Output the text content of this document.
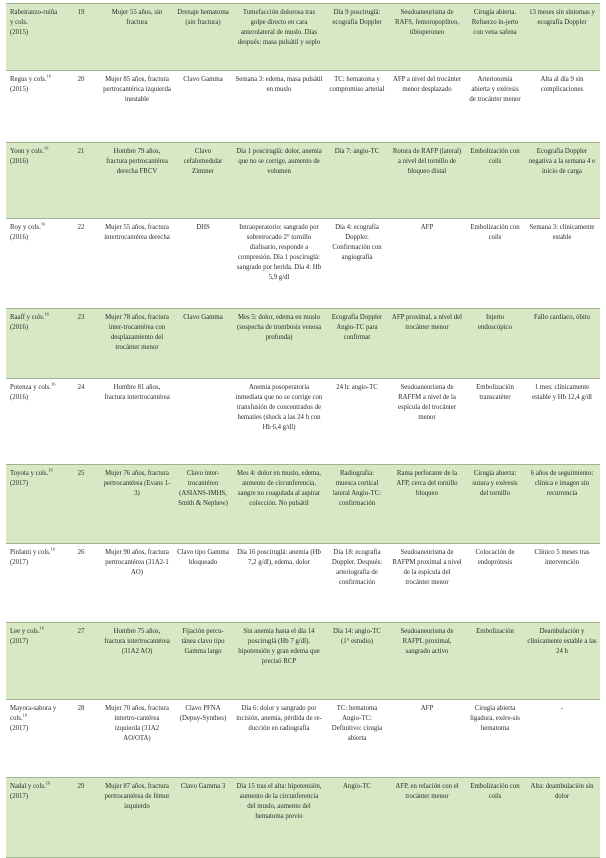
Rabeiranzo-ruiña y cols.
(2015)	19	Mujer 55 años, sin fractura	Drenaje hematoma (sin fractura)	Tumefacción dolorosa tras golpe directo en cara anterolateral de muslo. Días después: masa pulsátil y soplo	Día 9 posciruglá: ecografía Doppler	Seudoaneurisma de RAFS, femoropoplíteo, tibioperoneo	Cirugía abierta. Refuerzo in-jerto con vena safena	13 meses sin síntomas y ecografía Doppler
Regus y cols.$^{16}$
(2015)	20	Mujer 85 años, fractura pertrocantérica izquierda inestable	Clavo Gamma	Semana 3: edema, masa pulsátil en muslo	TC: hematoma y compromiso arterial	AFP a nivel del trocánter menor desplazado	Arteriotomía abierta y exéresis de trocánter menor	Alta al día 9 sin complicaciones
Yoon y cols.$^{16}$
(2016)	21	Hombre 79 años, fractura pertrocantérea derecha FRCV	Clavo cefalomedular Zimmer	Día 1 posciruglá: dolor, anemia que no se corrige, aumento de volumen	Día 7: angio-TC	Rotura de RAFP (lateral) a nivel del tornillo de bloqueo distal	Embolización con coils	Ecografía Doppler negativa a la semana 4 e inicio de carga
Roy y cols.$^{16}$
(2016)	22	Mujer 55 años, fractura intertrocantérea derecha	DHS	Intraoperatorio: sangrado por sobretrocado 2° tornillo diafisario, responde a compresión. Día 1 posciruglá: sangrado por herida. Día 4: Hb 5,9 g/dl	Día 4: ecografía Doppler. Confirmación con angiografía	AFP	Embolización con coils	Semana 3: clínicamente estable
Raaff y cols.$^{16}$
(2016)	23	Mujer 78 años, fractura inter-trocantérea con desplazamiento del trocánter menor	Clavo Gamma	Mes 5: dolor, edema en muslo (sospecha de trombosis venosa profunda)	Ecografía Doppler Angio-TC para confirmar	AFP proximal, a nivel del trocánter menor	Injerto endoscópico	Fallo cardíaco, óbito
Potenza y cols.$^{16}$
(2016)	24	Hombre 81 años, fractura intertrocantérea		Anemia posoperatoria inmediata que no se corrige con transfusión de concentrados de hematíes (shock a las 24 h con Hb 6,4 g/dl)	24 h: angio-TC	Seudoaneurisma de RAFFM a nivel de la espícula del trocánter menor	Embolización transcatéter	1 mes: clínicamente estable y Hb 12,4 g/dl
Toyota y cols.$^{16}$
(2017)	25	Mujer 76 años, fractura pertrocantérea (Evans 1-3)	Clavo inter-trocantéreo (ASIANS-IMHS, Smith & Nephew)	Mes 4: dolor en muslo, edema, aumento de circunferencia, sangre no coagulada al aspirar colección. No pulsátil	Radiografía: muesca cortical lateral Angio-TC: confirmación	Rama perforante de la AFP, cerca del tornillo bloqueo	Cirugía abierta: sutura y exéresis del tornillo	6 años de seguimiento: clínica e imagen sin recurrencia
Pinlanti y cols.$^{16}$
(2017)	26	Mujer 90 años, fractura pertrocantérea (31A2-1 AO)	Clavo tipo Gamma bloqueado	Día 16 posciruglá: anemia (Hb 7,2 g/dl), edema, dolor	Día 18: ecografía Doppler. Después: arteriografía de confirmación	Seudoaneurisma de RAFPM proximal a nivel de la espícula del trocánter menor	Colocación de endoprótesis	Clínico 5 meses tras intervención
Lee y cols.$^{16}$
(2017)	27	Hombre 75 años, fractura intertrocantérea (31A2 AO)	Fijación percu-tánea clavo tipo Gamma largo	Sin anemia hasta el día 14 posciruglá (Hb 7 g/dl), hipotensión y gran edema que precisó RCP	Día 14: angio-TC (1° estudio)	Seudoaneurisma de RAFPL proximal, sangrado activo	Embolización	Deambulación y clínicamente estable a las 24 h
Mayora-sabora y cols.$^{16}$
(2017)	28	Mujer 70 años, fractura intertro-cantérea izquierda (31A2 AO/OTA)	Clavo PFNA (Depuy-Synthes)	Día 6: dolor y sangrado por incisión, anemia, pérdida de re-ducción en radiografía	TC: hematoma Angio-TC: Definitivo: cirugía abierta	AFP	Cirugía abierta ligadura, exére-sis hematoma	-
Nadal y cols.$^{16}$
(2017)	29	Mujer 87 años, fractura pertrocantérea de fémur izquierdo	Clavo Gamma 3	Día 15 tras el alta: hipotensión, aumento de la circunferencia del muslo, aumento del hematoma previo	Angio-TC	AFP, en relación con el trocánter menor	Embolización con coils	Alta: deambulación sin dolor
